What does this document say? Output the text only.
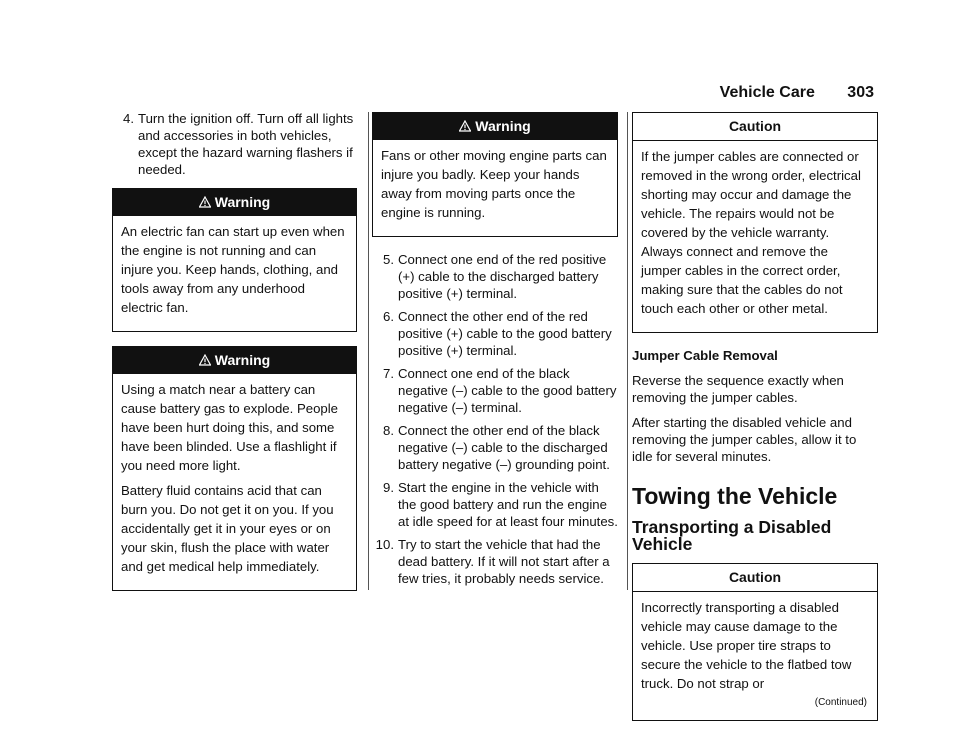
Vehicle Care 303
4. Turn the ignition off. Turn off all lights and accessories in both vehicles, except the hazard warning flashers if needed.
Warning

An electric fan can start up even when the engine is not running and can injure you. Keep hands, clothing, and tools away from any underhood electric fan.

Warning

Using a match near a battery can cause battery gas to explode. People have been hurt doing this, and some have been blinded. Use a flashlight if you need more light.

Battery fluid contains acid that can burn you. Do not get it on you. If you accidentally get it in your eyes or on your skin, flush the place with water and get medical help immediately.

Warning

Fans or other moving engine parts can injure you badly. Keep your hands away from moving parts once the engine is running.

5. Connect one end of the red positive (+) cable to the discharged battery positive (+) terminal.
6. Connect the other end of the red positive (+) cable to the good battery positive (+) terminal.
7. Connect one end of the black negative (–) cable to the good battery negative (–) terminal.
8. Connect the other end of the black negative (–) cable to the discharged battery negative (–) grounding point.
9. Start the engine in the vehicle with the good battery and run the engine at idle speed for at least four minutes.
10. Try to start the vehicle that had the dead battery. If it will not start after a few tries, it probably needs service.
Caution

If the jumper cables are connected or removed in the wrong order, electrical shorting may occur and damage the vehicle. The repairs would not be covered by the vehicle warranty. Always connect and remove the jumper cables in the correct order, making sure that the cables do not touch each other or other metal.

Jumper Cable Removal

Reverse the sequence exactly when removing the jumper cables.

After starting the disabled vehicle and removing the jumper cables, allow it to idle for several minutes.

Towing the Vehicle
Transporting a Disabled Vehicle
Caution

Incorrectly transporting a disabled vehicle may cause damage to the vehicle. Use proper tire straps to secure the vehicle to the flatbed tow truck. Do not strap or

(Continued)
